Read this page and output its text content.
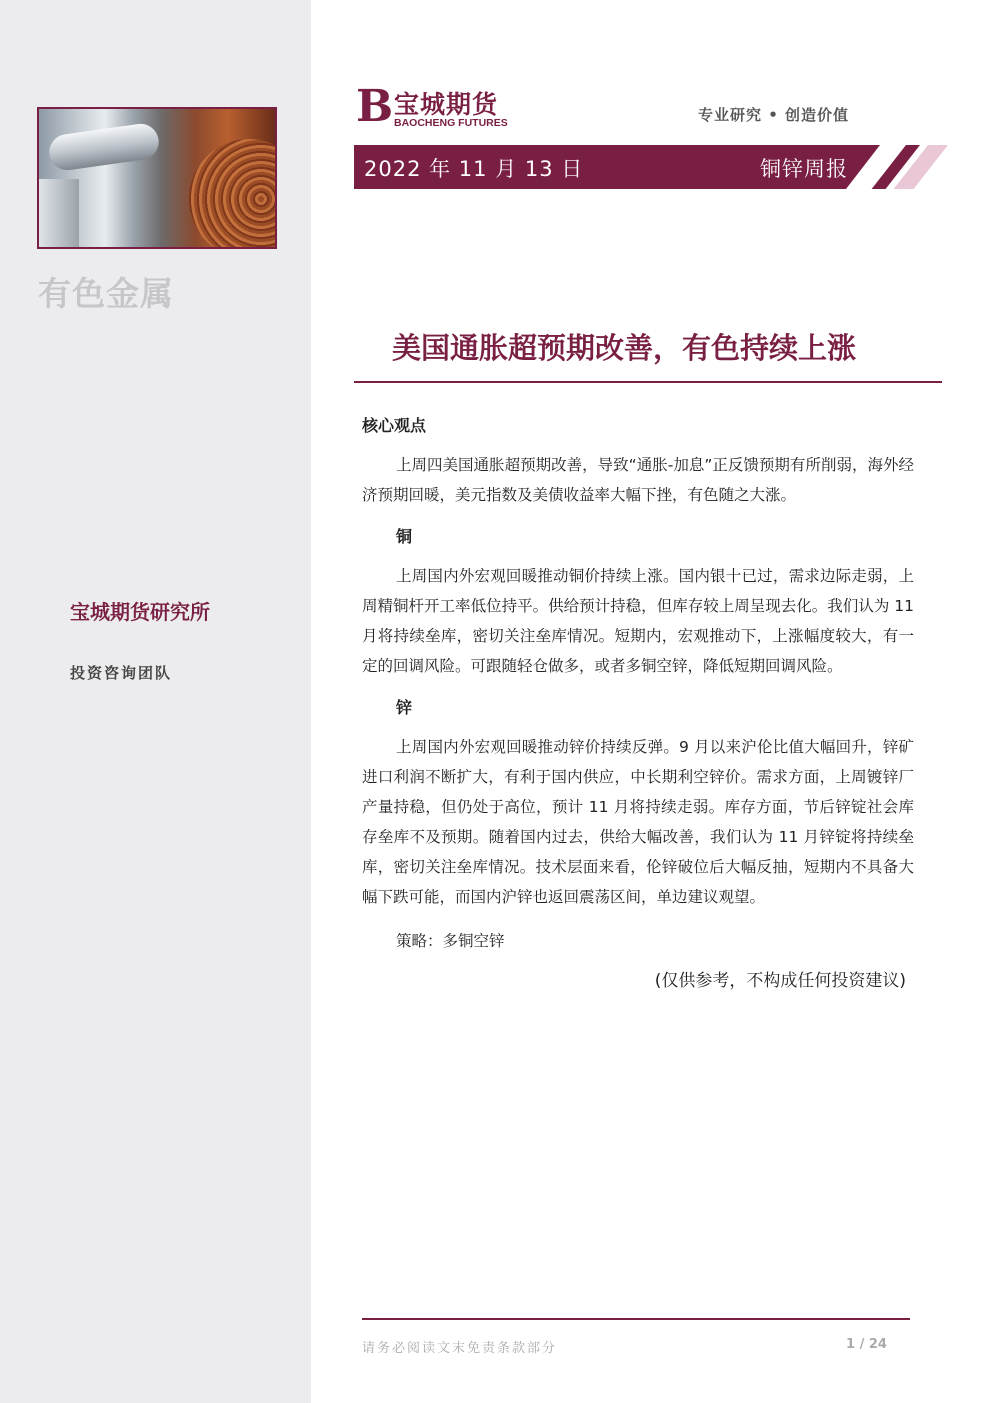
有色金属
宝城期货研究所
投资咨询团队
B 宝城期货
BAOCHENG FUTURES	专业研究 • 创造价值
2022 年 11 月 13 日	铜锌周报
美国通胀超预期改善，有色持续上涨
核心观点

上周四美国通胀超预期改善，导致“通胀-加息”正反馈预期有所削弱，海外经济预期回暖，美元指数及美债收益率大幅下挫，有色随之大涨。

铜

上周国内外宏观回暖推动铜价持续上涨。国内银十已过，需求边际走弱，上周精铜杆开工率低位持平。供给预计持稳，但库存较上周呈现去化。我们认为 11 月将持续垒库，密切关注垒库情况。短期内，宏观推动下，上涨幅度较大，有一定的回调风险。可跟随轻仓做多，或者多铜空锌，降低短期回调风险。

锌

上周国内外宏观回暖推动锌价持续反弹。9 月以来沪伦比值大幅回升，锌矿进口利润不断扩大，有利于国内供应，中长期利空锌价。需求方面，上周镀锌厂产量持稳，但仍处于高位，预计 11 月将持续走弱。库存方面，节后锌锭社会库存垒库不及预期。随着国内过去，供给大幅改善，我们认为 11 月锌锭将持续垒库，密切关注垒库情况。技术层面来看，伦锌破位后大幅反抽，短期内不具备大幅下跌可能，而国内沪锌也返回震荡区间，单边建议观望。

策略：多铜空锌
(仅供参考，不构成任何投资建议)
请务必阅读文末免责条款部分	1 / 24
